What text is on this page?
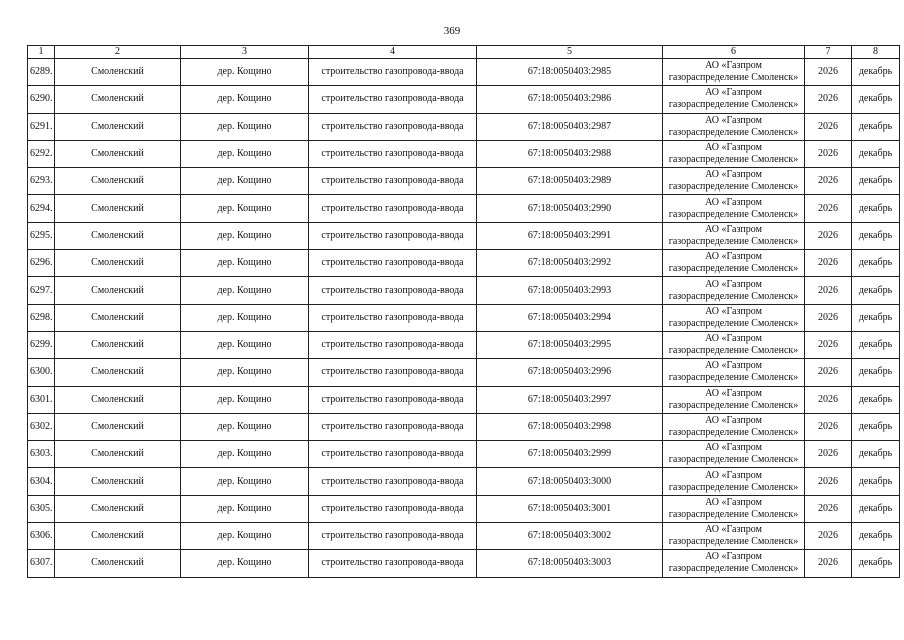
369
1	2	3	4	5	6	7	8
6289.	Смоленский	дер. Кощино	строительство газопровода-ввода	67:18:0050403:2985	АО «Газпром
газораспределение Смоленск»	2026	декабрь
6290.	Смоленский	дер. Кощино	строительство газопровода-ввода	67:18:0050403:2986	АО «Газпром
газораспределение Смоленск»	2026	декабрь
6291.	Смоленский	дер. Кощино	строительство газопровода-ввода	67:18:0050403:2987	АО «Газпром
газораспределение Смоленск»	2026	декабрь
6292.	Смоленский	дер. Кощино	строительство газопровода-ввода	67:18:0050403:2988	АО «Газпром
газораспределение Смоленск»	2026	декабрь
6293.	Смоленский	дер. Кощино	строительство газопровода-ввода	67:18:0050403:2989	АО «Газпром
газораспределение Смоленск»	2026	декабрь
6294.	Смоленский	дер. Кощино	строительство газопровода-ввода	67:18:0050403:2990	АО «Газпром
газораспределение Смоленск»	2026	декабрь
6295.	Смоленский	дер. Кощино	строительство газопровода-ввода	67:18:0050403:2991	АО «Газпром
газораспределение Смоленск»	2026	декабрь
6296.	Смоленский	дер. Кощино	строительство газопровода-ввода	67:18:0050403:2992	АО «Газпром
газораспределение Смоленск»	2026	декабрь
6297.	Смоленский	дер. Кощино	строительство газопровода-ввода	67:18:0050403:2993	АО «Газпром
газораспределение Смоленск»	2026	декабрь
6298.	Смоленский	дер. Кощино	строительство газопровода-ввода	67:18:0050403:2994	АО «Газпром
газораспределение Смоленск»	2026	декабрь
6299.	Смоленский	дер. Кощино	строительство газопровода-ввода	67:18:0050403:2995	АО «Газпром
газораспределение Смоленск»	2026	декабрь
6300.	Смоленский	дер. Кощино	строительство газопровода-ввода	67:18:0050403:2996	АО «Газпром
газораспределение Смоленск»	2026	декабрь
6301.	Смоленский	дер. Кощино	строительство газопровода-ввода	67:18:0050403:2997	АО «Газпром
газораспределение Смоленск»	2026	декабрь
6302.	Смоленский	дер. Кощино	строительство газопровода-ввода	67:18:0050403:2998	АО «Газпром
газораспределение Смоленск»	2026	декабрь
6303.	Смоленский	дер. Кощино	строительство газопровода-ввода	67:18:0050403:2999	АО «Газпром
газораспределение Смоленск»	2026	декабрь
6304.	Смоленский	дер. Кощино	строительство газопровода-ввода	67:18:0050403:3000	АО «Газпром
газораспределение Смоленск»	2026	декабрь
6305.	Смоленский	дер. Кощино	строительство газопровода-ввода	67:18:0050403:3001	АО «Газпром
газораспределение Смоленск»	2026	декабрь
6306.	Смоленский	дер. Кощино	строительство газопровода-ввода	67:18:0050403:3002	АО «Газпром
газораспределение Смоленск»	2026	декабрь
6307.	Смоленский	дер. Кощино	строительство газопровода-ввода	67:18:0050403:3003	АО «Газпром
газораспределение Смоленск»	2026	декабрь
